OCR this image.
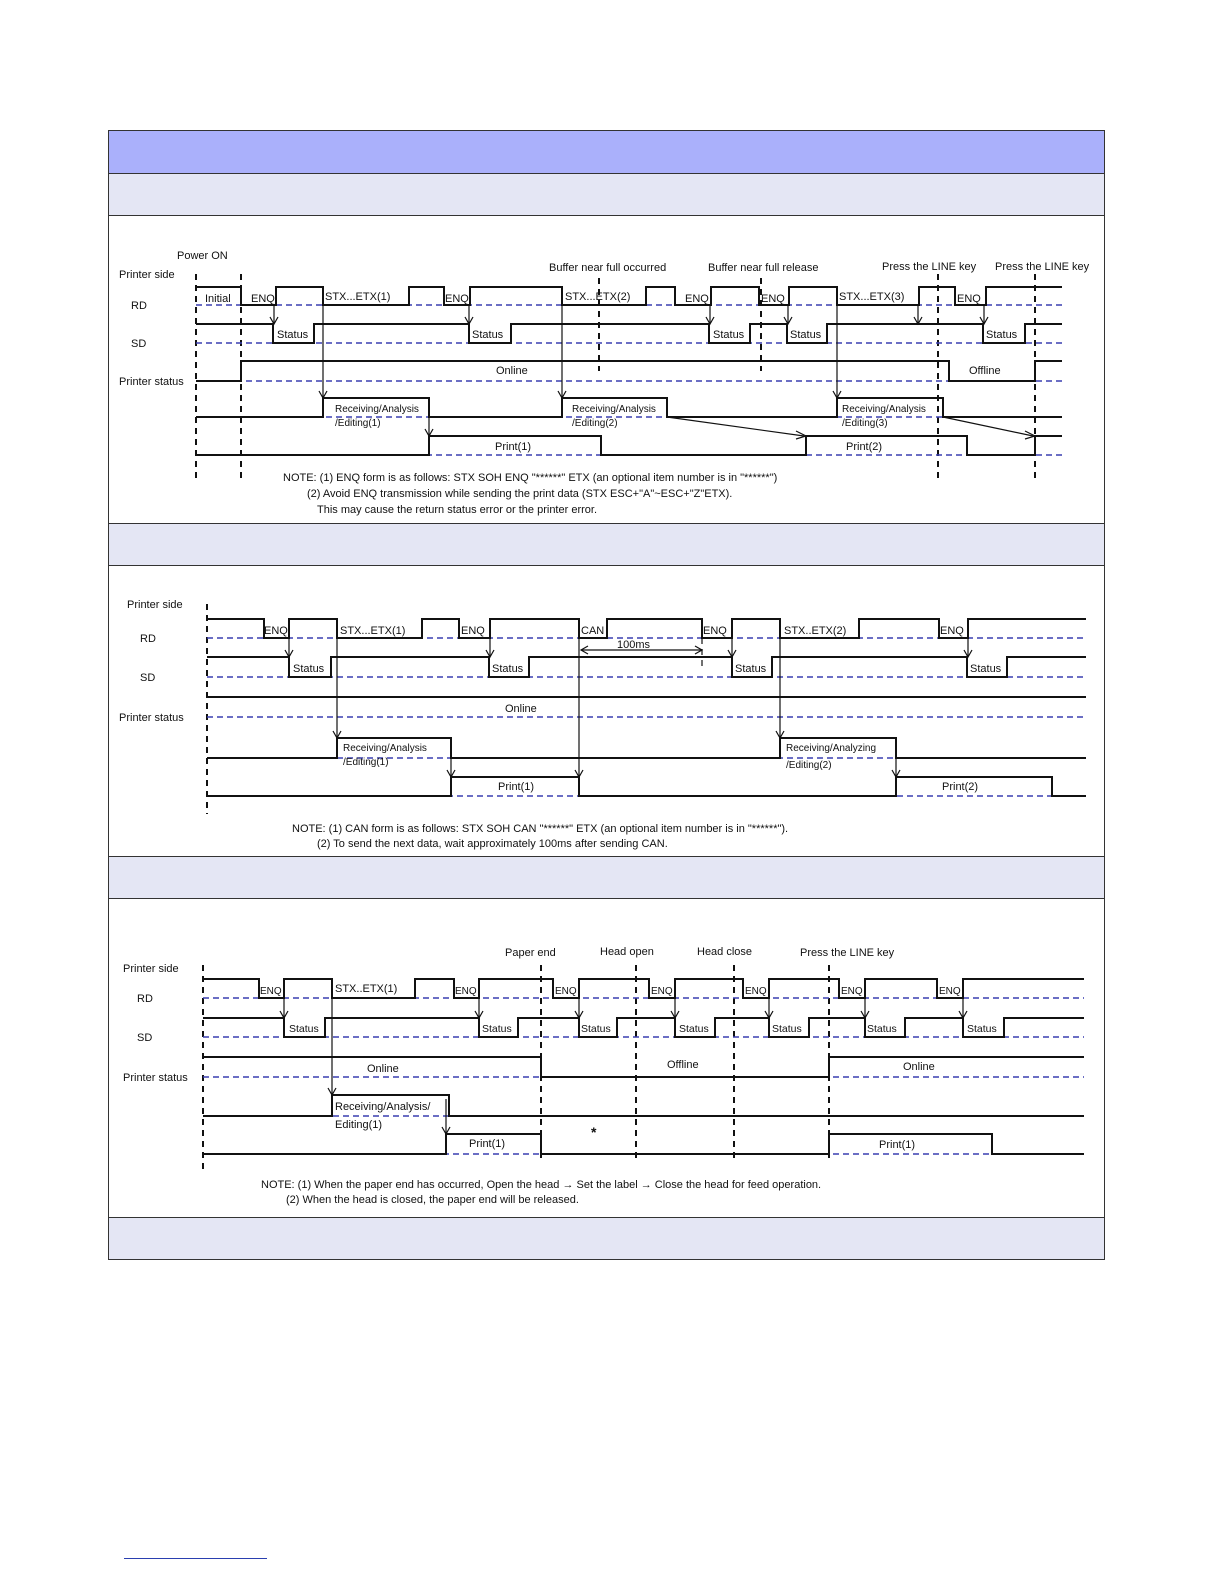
Printer side
RD
SD
Printer status
Power ON
Buffer near full occurred	Buffer near full release	Press the LINE key Press the LINE key
Initial ENQ	STX...ETX(1)	ENQ	STX...ETX(2)	ENQ	ENQ	STX...ETX(3)	ENQ
Status	Status	Status	Status	Status
Online	Offline
Receiving/Analysis
/Editing(1)
Receiving/Analysis
/Editing(2)
Receiving/Analysis
/Editing(3)
Print(1)	Print(2)
NOTE: (1) ENQ form is as follows: STX SOH ENQ "******" ETX (an optional item number is in "******")
(2) Avoid ENQ transmission while sending the print data (STX ESC+"A"~ESC+"Z"ETX).
This may cause the return status error or the printer error.
Printer side
RD
SD
Printer status
ENQ	STX...ETX(1)	ENQ	CAN	ENQ	STX..ETX(2)	ENQ
100ms
Status	Status	Status	Status
Online
Receiving/Analysis
/Editing(1)
Receiving/Analyzing
/Editing(2)
Print(1)	Print(2)
NOTE: (1) CAN form is as follows: STX SOH CAN "******" ETX (an optional item number is in "******").
(2) To send the next data, wait approximately 100ms after sending CAN.
Printer side
RD
SD
Printer status
Paper end	Head open	Head close	Press the LINE key
ENQ	STX..ETX(1)	ENQ	ENQ	ENQ	ENQ	ENQ	ENQ
Status	Status	Status	Status	Status	Status	Status
Online	Offline	Online
Receiving/Analysis/
Editing(1)
Print(1)	Print(1)
*
NOTE: (1) When the paper end has occurred, Open the head → Set the label → Close the head for feed operation.
(2) When the head is closed, the paper end will be released.
